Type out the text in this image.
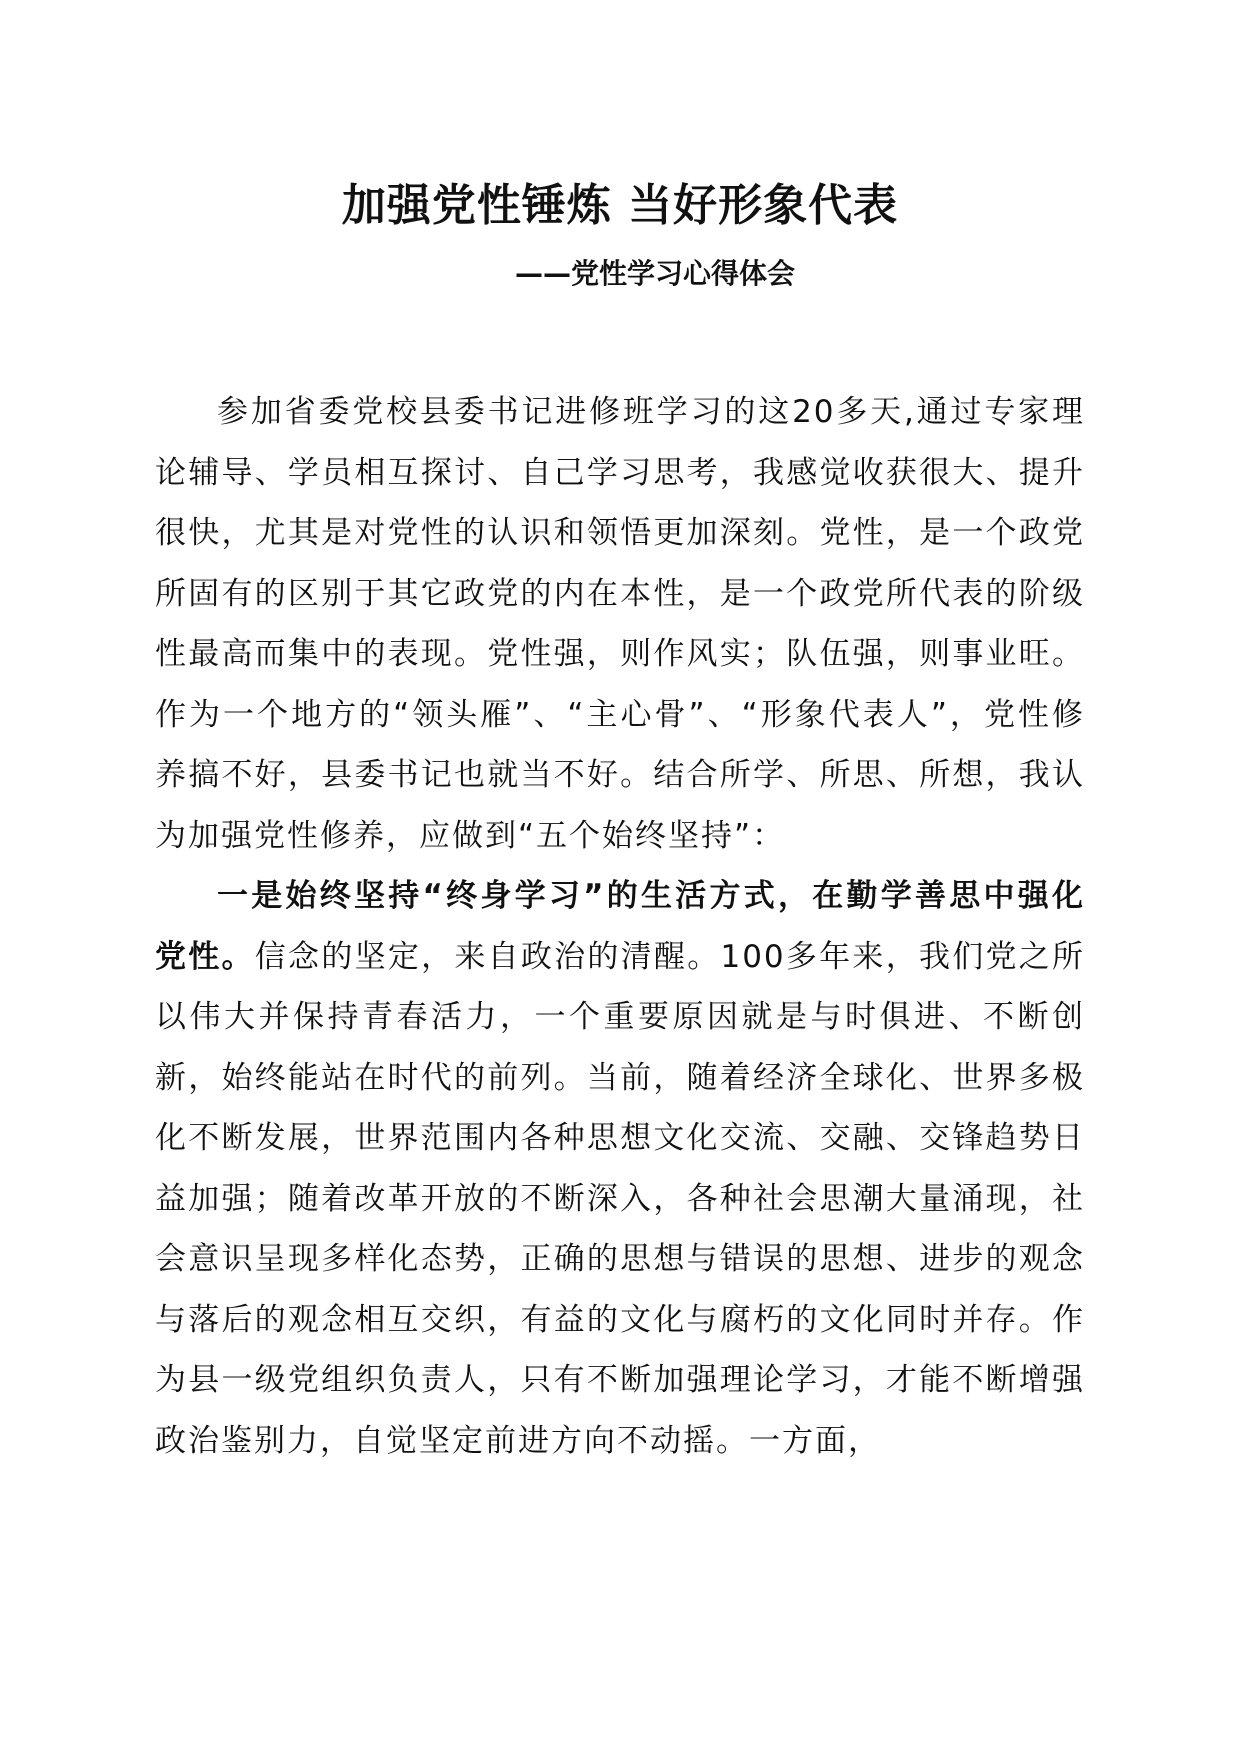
加强党性锤炼 当好形象代表
——党性学习心得体会

参加省委党校县委书记进修班学习的这20多天,通过专家理论辅导、学员相互探讨、自己学习思考，我感觉收获很大、提升很快，尤其是对党性的认识和领悟更加深刻。党性，是一个政党所固有的区别于其它政党的内在本性，是一个政党所代表的阶级性最高而集中的表现。党性强，则作风实；队伍强，则事业旺。作为一个地方的“领头雁”、“主心骨”、“形象代表人”，党性修养搞不好，县委书记也就当不好。结合所学、所思、所想，我认为加强党性修养，应做到“五个始终坚持”：

一是始终坚持“终身学习”的生活方式，在勤学善思中强化党性。信念的坚定，来自政治的清醒。100多年来，我们党之所以伟大并保持青春活力，一个重要原因就是与时俱进、不断创新，始终能站在时代的前列。当前，随着经济全球化、世界多极化不断发展，世界范围内各种思想文化交流、交融、交锋趋势日益加强；随着改革开放的不断深入，各种社会思潮大量涌现，社会意识呈现多样化态势，正确的思想与错误的思想、进步的观念与落后的观念相互交织，有益的文化与腐朽的文化同时并存。作为县一级党组织负责人，只有不断加强理论学习，才能不断增强政治鉴别力，自觉坚定前进方向不动摇。一方面，
